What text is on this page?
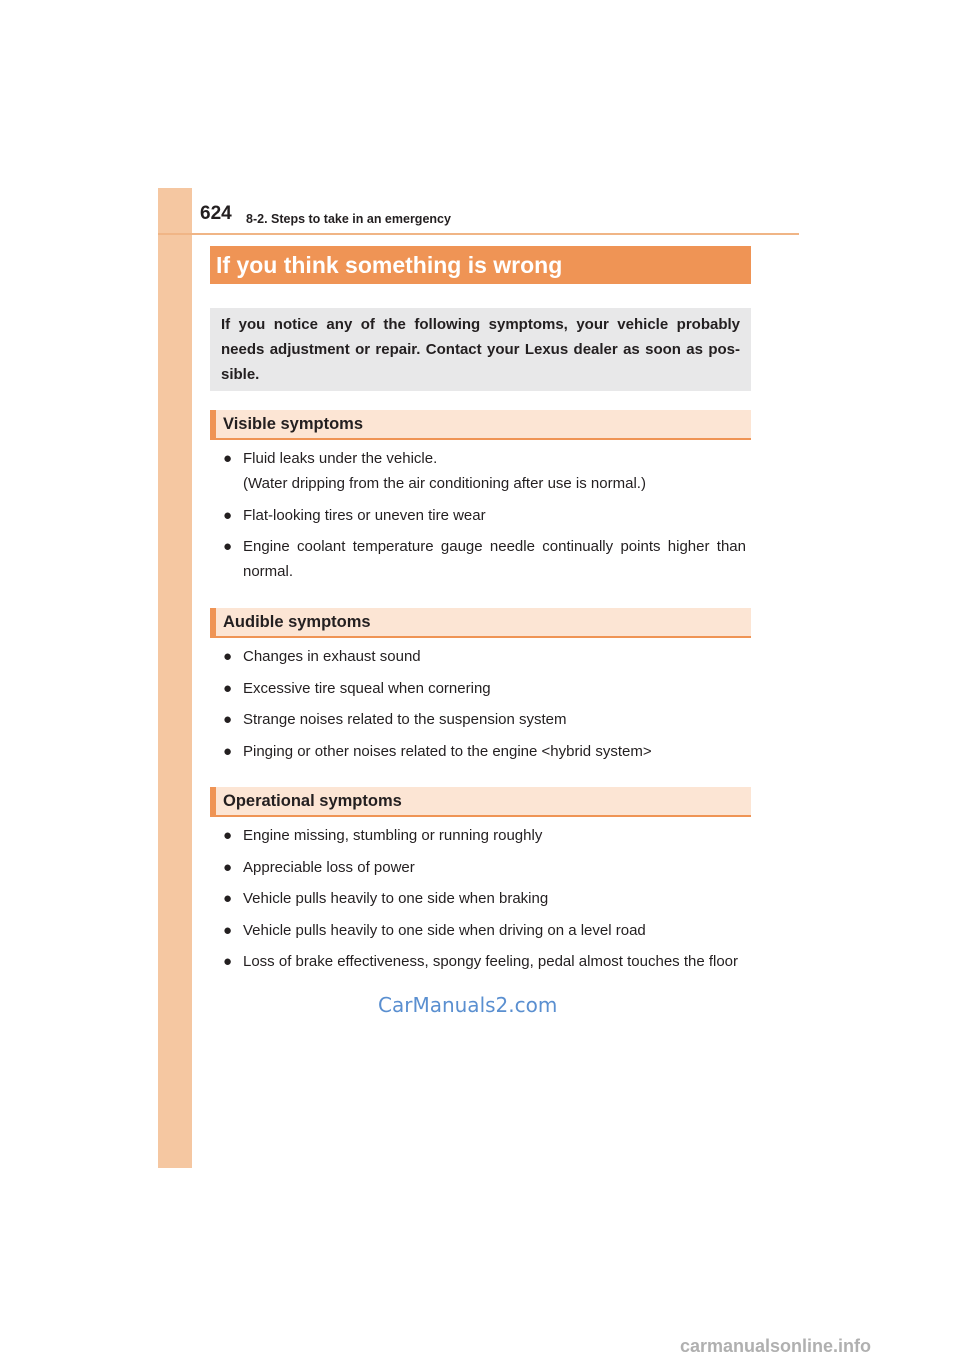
624 8-2. Steps to take in an emergency
If you think something is wrong
If you notice any of the following symptoms, your vehicle probably needs adjustment or repair. Contact your Lexus dealer as soon as pos-sible.
Visible symptoms
● Fluid leaks under the vehicle.
(Water dripping from the air conditioning after use is normal.)
● Flat-looking tires or uneven tire wear
● Engine coolant temperature gauge needle continually points higher than normal.
Audible symptoms
● Changes in exhaust sound
● Excessive tire squeal when cornering
● Strange noises related to the suspension system
● Pinging or other noises related to the engine <hybrid system>
Operational symptoms
● Engine missing, stumbling or running roughly
● Appreciable loss of power
● Vehicle pulls heavily to one side when braking
● Vehicle pulls heavily to one side when driving on a level road
● Loss of brake effectiveness, spongy feeling, pedal almost touches the floor
CarManuals2.com
carmanualsonline.info
